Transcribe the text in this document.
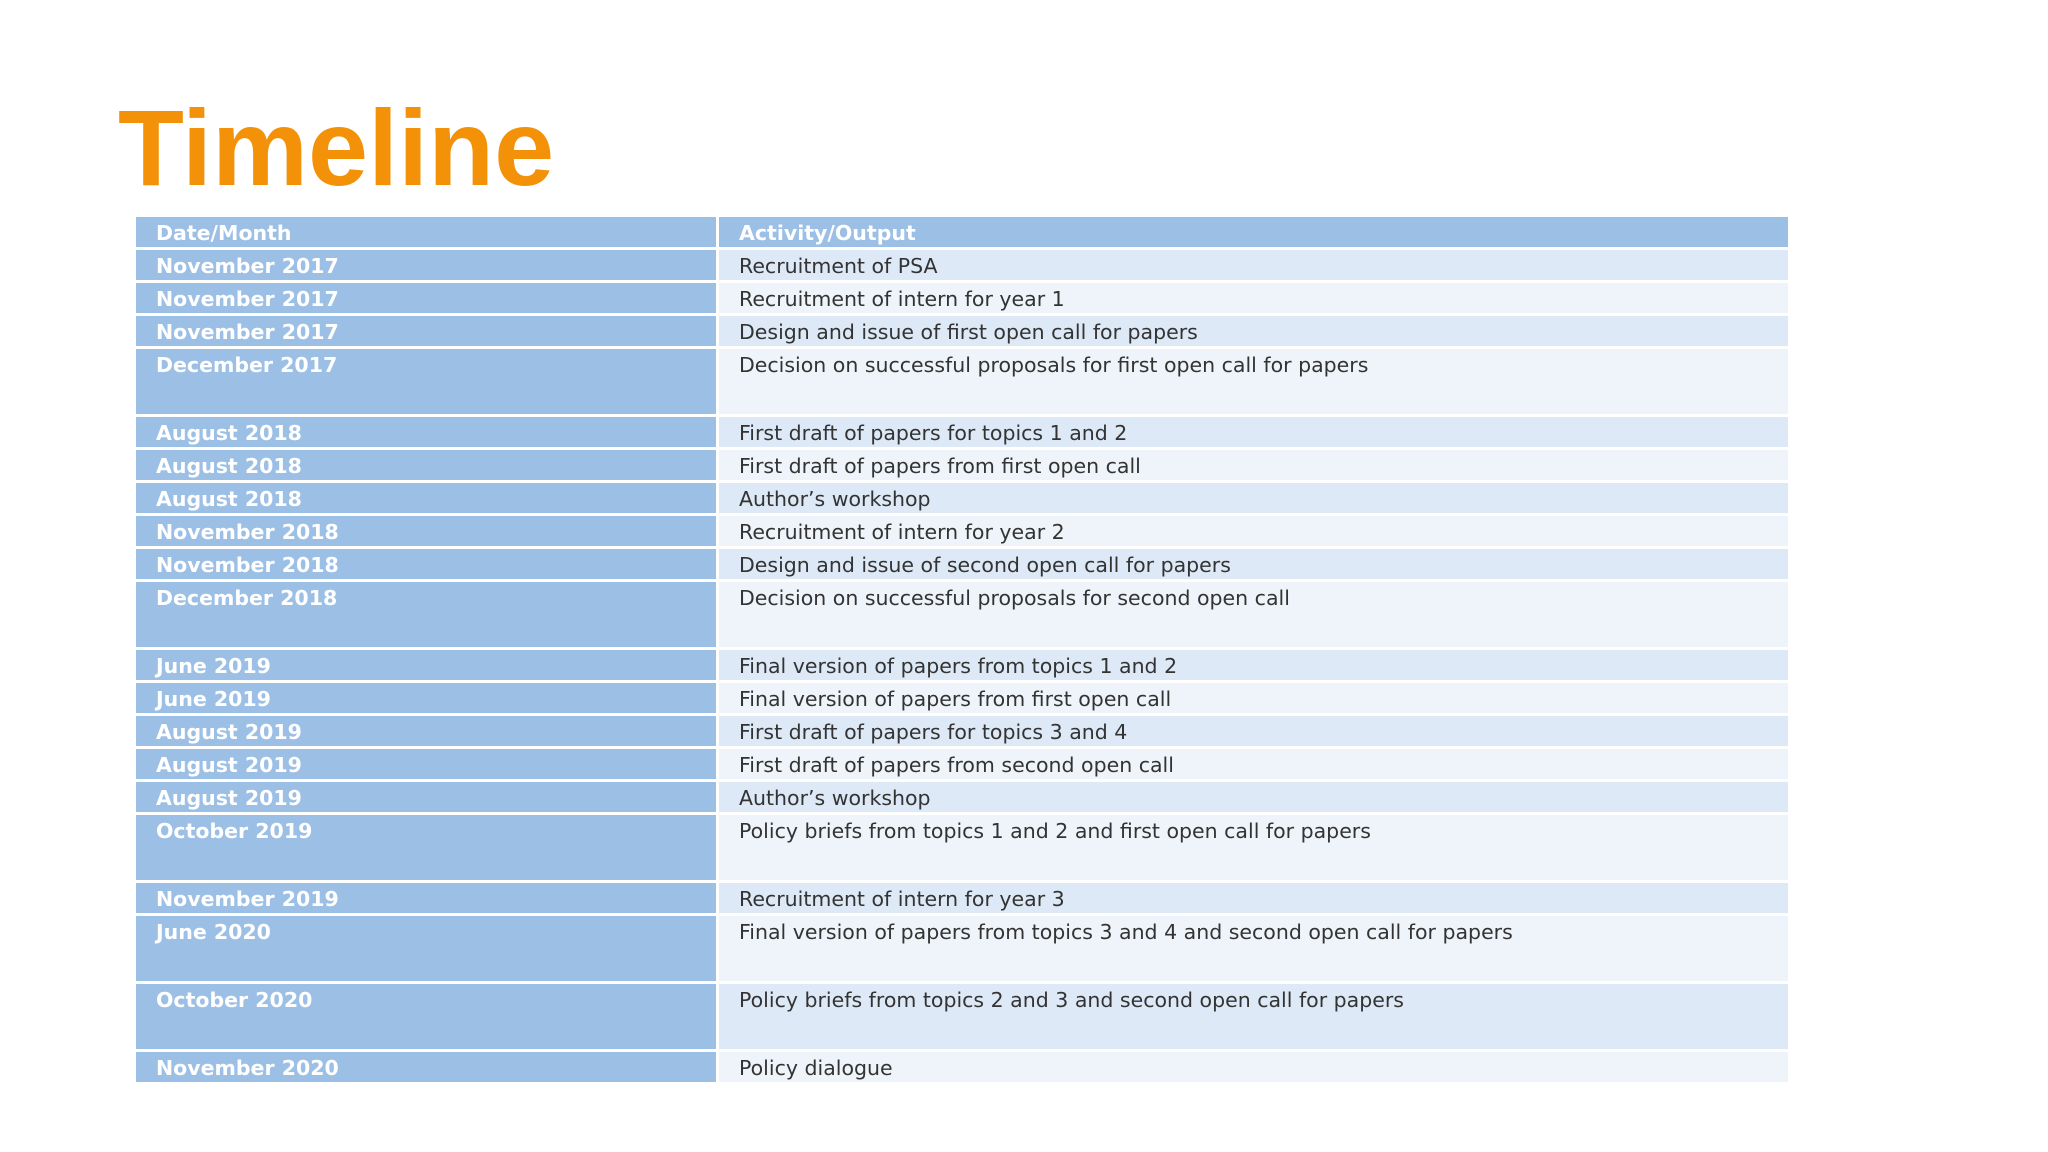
Timeline
Date/Month	Activity/Output
November 2017	Recruitment of PSA
November 2017	Recruitment of intern for year 1
November 2017	Design and issue of first open call for papers
December 2017	Decision on successful proposals for first open call for papers
August 2018	First draft of papers for topics 1 and 2
August 2018	First draft of papers from first open call
August 2018	Author’s workshop
November 2018	Recruitment of intern for year 2
November 2018	Design and issue of second open call for papers
December 2018	Decision on successful proposals for second open call
June 2019	Final version of papers from topics 1 and 2
June 2019	Final version of papers from first open call
August 2019	First draft of papers for topics 3 and 4
August 2019	First draft of papers from second open call
August 2019	Author’s workshop
October 2019	Policy briefs from topics 1 and 2 and first open call for papers
November 2019	Recruitment of intern for year 3
June 2020	Final version of papers from topics 3 and 4 and second open call for papers
October 2020	Policy briefs from topics 2 and 3 and second open call for papers
November 2020	Policy dialogue
